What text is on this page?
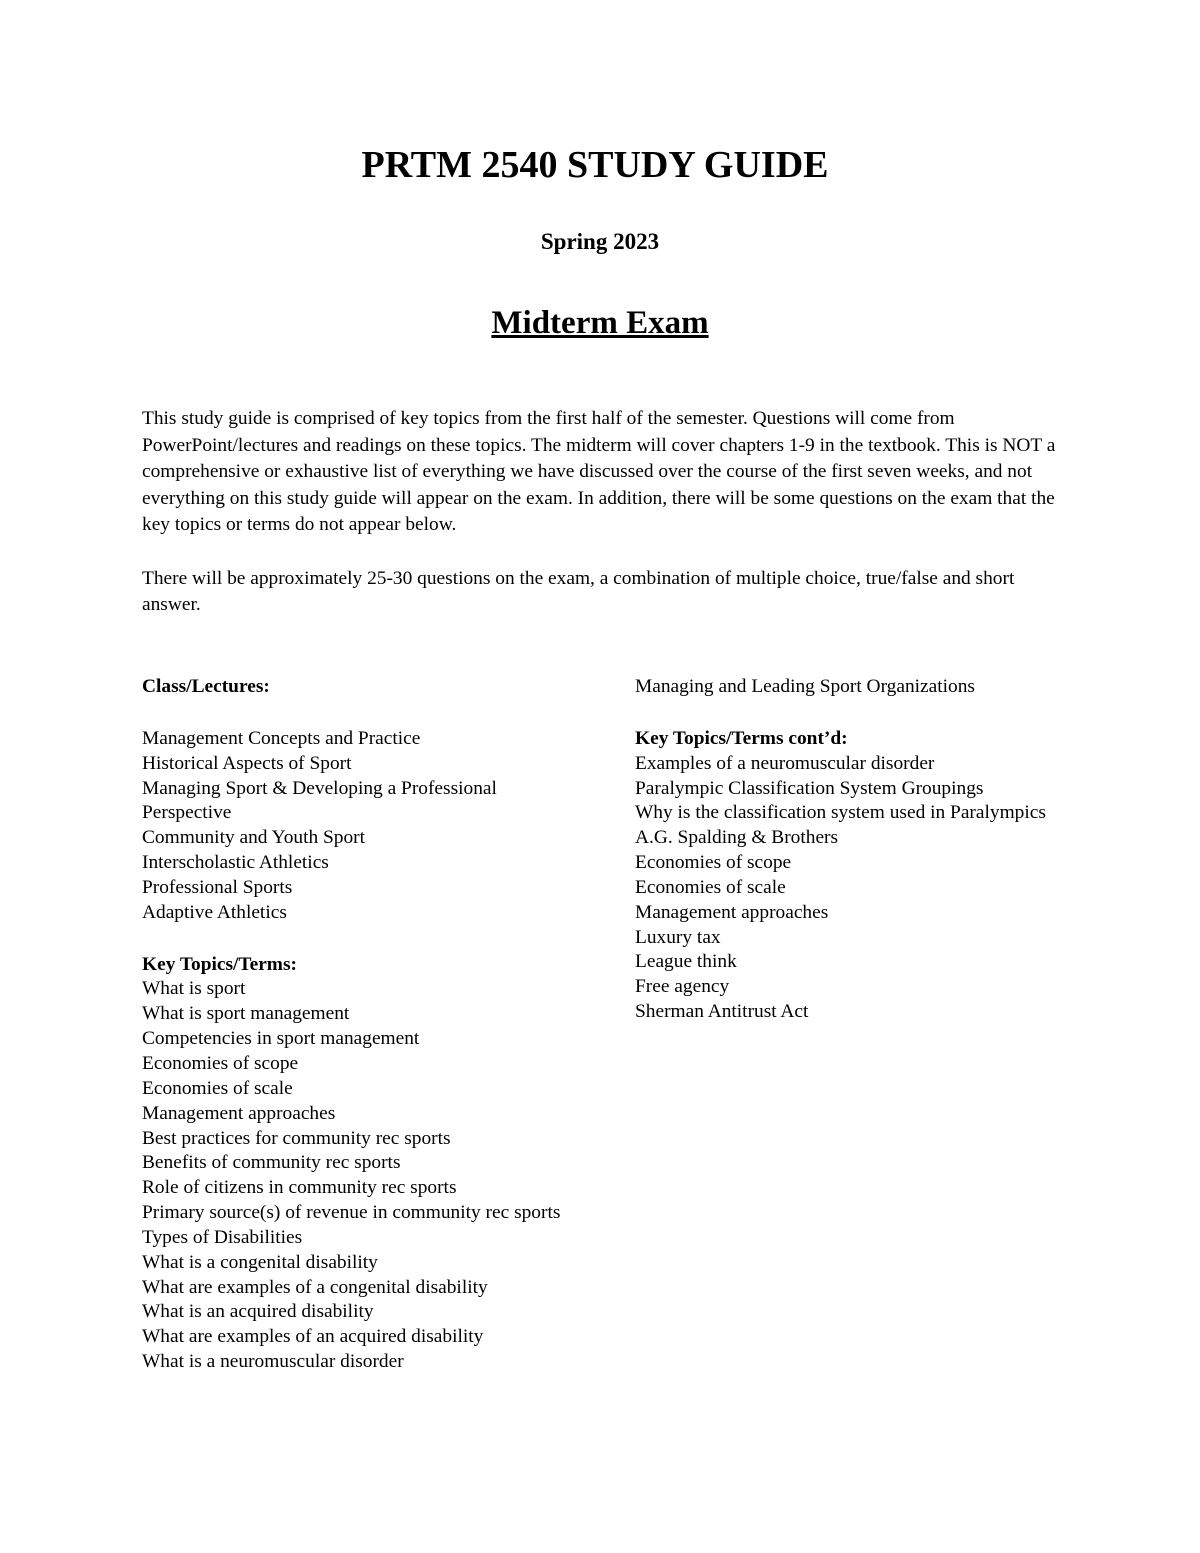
PRTM 2540 STUDY GUIDE
Spring 2023
Midterm Exam

This study guide is comprised of key topics from the first half of the semester. Questions will come from PowerPoint/lectures and readings on these topics. The midterm will cover chapters 1-9 in the textbook. This is NOT a comprehensive or exhaustive list of everything we have discussed over the course of the first seven weeks, and not everything on this study guide will appear on the exam. In addition, there will be some questions on the exam that the key topics or terms do not appear below.

There will be approximately 25-30 questions on the exam, a combination of multiple choice, true/false and short answer.

Class/Lectures:
Management Concepts and Practice
Historical Aspects of Sport
Managing Sport & Developing a Professional Perspective
Community and Youth Sport
Interscholastic Athletics
Professional Sports
Adaptive Athletics
Key Topics/Terms:
What is sport
What is sport management
Competencies in sport management
Economies of scope
Economies of scale
Management approaches
Best practices for community rec sports
Benefits of community rec sports
Role of citizens in community rec sports
Primary source(s) of revenue in community rec sports
Types of Disabilities
What is a congenital disability
What are examples of a congenital disability
What is an acquired disability
What are examples of an acquired disability
What is a neuromuscular disorder
Managing and Leading Sport Organizations
Key Topics/Terms cont’d:
Examples of a neuromuscular disorder
Paralympic Classification System Groupings
Why is the classification system used in Paralympics
A.G. Spalding & Brothers
Economies of scope
Economies of scale
Management approaches
Luxury tax
League think
Free agency
Sherman Antitrust Act
